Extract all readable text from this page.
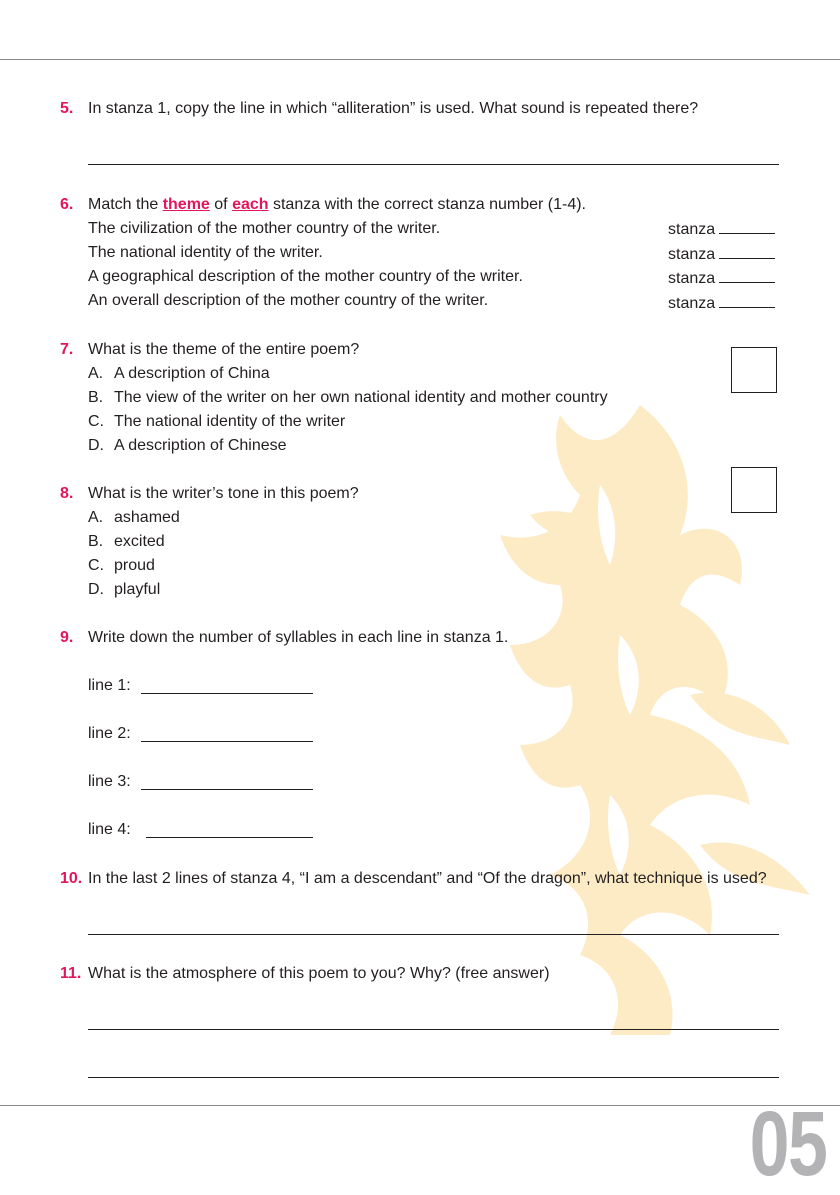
5. In stanza 1, copy the line in which “alliteration” is used. What sound is repeated there?
6. Match the theme of each stanza with the correct stanza number (1-4).
The civilization of the mother country of the writer.	stanza
The national identity of the writer.	stanza
A geographical description of the mother country of the writer.	stanza
An overall description of the mother country of the writer.	stanza
7. What is the theme of the entire poem?
A. A description of China
B. The view of the writer on her own national identity and mother country
C. The national identity of the writer
D. A description of Chinese
8. What is the writer’s tone in this poem?
A. ashamed
B. excited
C. proud
D. playful
9. Write down the number of syllables in each line in stanza 1.
line 1:
line 2:
line 3:
line 4:
10. In the last 2 lines of stanza 4, “I am a descendant” and “Of the dragon”, what technique is used?
11. What is the atmosphere of this poem to you? Why? (free answer)
05
